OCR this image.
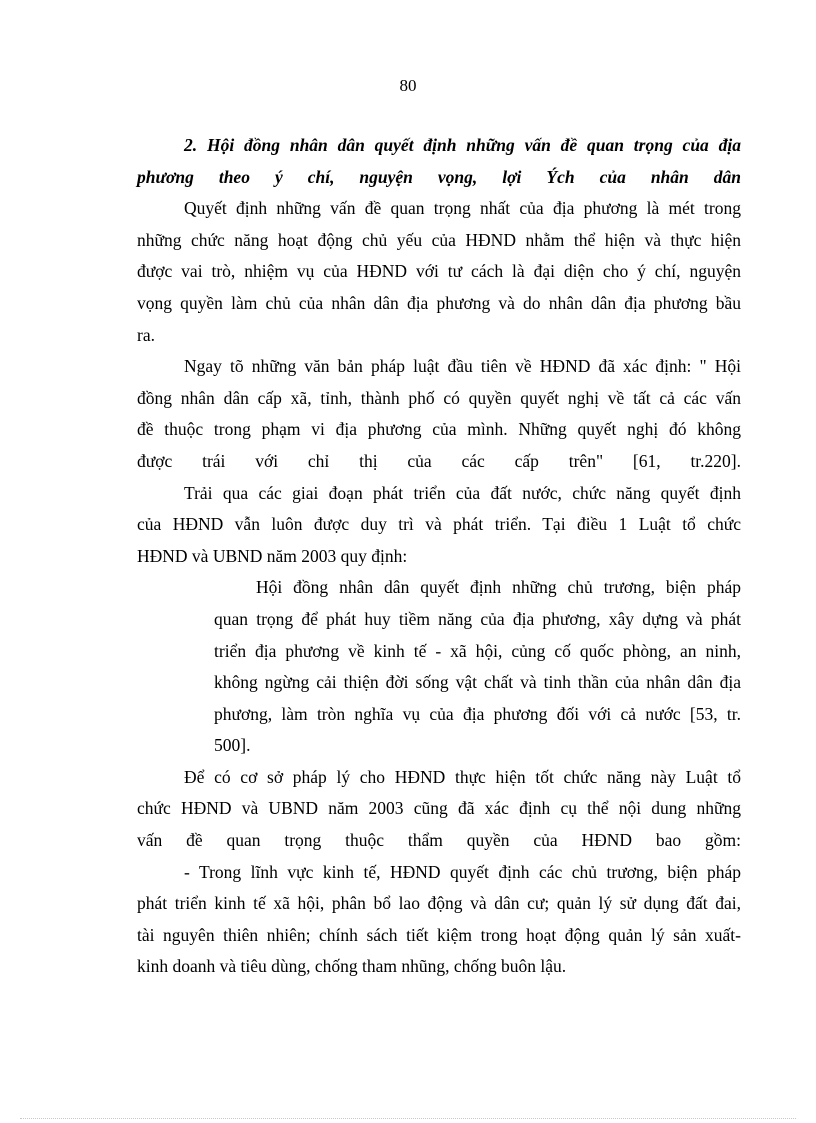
80
2. Hội đồng nhân dân quyết định những vấn đề quan trọng của địa
phương theo ý chí, nguyện vọng, lợi Ých của nhân dân
Quyết định những vấn đề quan trọng nhất của địa phương là mét trong
những chức năng hoạt động chủ yếu của HĐND nhằm thể hiện và thực hiện
được vai trò, nhiệm vụ của HĐND với tư cách là đại diện cho ý chí, nguyện
vọng quyền làm chủ của nhân dân địa phương và do nhân dân địa phương bầu
ra.
Ngay tõ những văn bản pháp luật đầu tiên về HĐND đã xác định: " Hội
đồng nhân dân cấp xã, tỉnh, thành phố có quyền quyết nghị về tất cả các vấn
đề thuộc trong phạm vi địa phương của mình. Những quyết nghị đó không
được trái với chỉ thị của các cấp trên" [61, tr.220].
Trải qua các giai đoạn phát triển của đất nước, chức năng quyết định
của HĐND vẫn luôn được duy trì và phát triển. Tại điều 1 Luật tổ chức
HĐND và UBND năm 2003 quy định:
Hội đồng nhân dân quyết định những chủ trương, biện pháp
quan trọng để phát huy tiềm năng của địa phương, xây dựng và phát
triển địa phương về kinh tế - xã hội, củng cố quốc phòng, an ninh,
không ngừng cải thiện đời sống vật chất và tinh thần của nhân dân địa
phương, làm tròn nghĩa vụ của địa phương đối với cả nước [53, tr.
500].
Để có cơ sở pháp lý cho HĐND thực hiện tốt chức năng này Luật tổ
chức HĐND và UBND năm 2003 cũng đã xác định cụ thể nội dung những
vấn đề quan trọng thuộc thẩm quyền của HĐND bao gồm:
- Trong lĩnh vực kinh tế, HĐND quyết định các chủ trương, biện pháp
phát triển kinh tế xã hội, phân bổ lao động và dân cư; quản lý sử dụng đất đai,
tài nguyên thiên nhiên; chính sách tiết kiệm trong hoạt động quản lý sản xuất-
kinh doanh và tiêu dùng, chống tham nhũng, chống buôn lậu.
